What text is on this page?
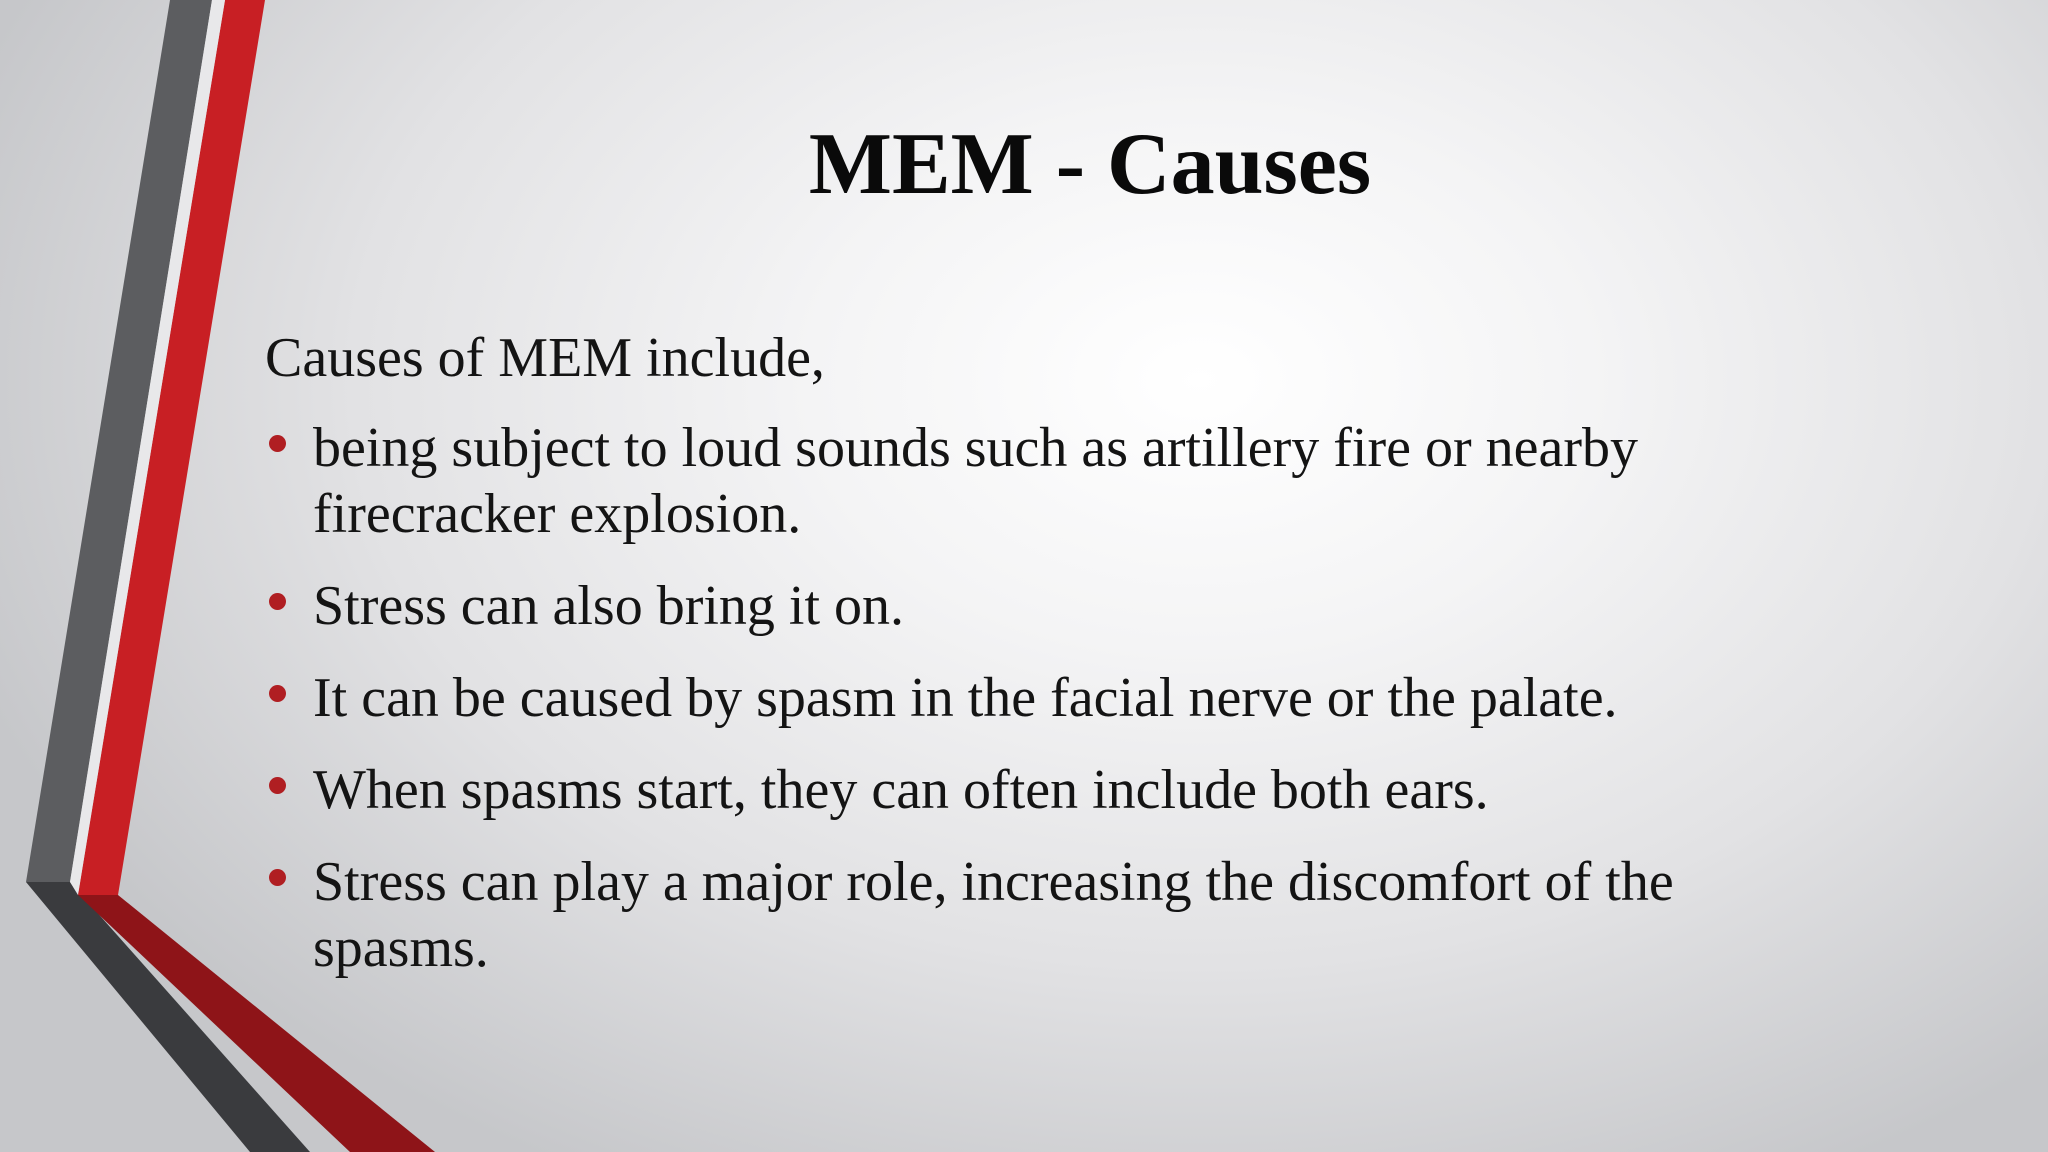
MEM - Causes

Causes of MEM include,

being subject to loud sounds such as artillery fire or nearby firecracker explosion.
Stress can also bring it on.
It can be caused by spasm in the facial nerve or the palate.
When spasms start, they can often include both ears.
Stress can play a major role, increasing the discomfort of the spasms.
